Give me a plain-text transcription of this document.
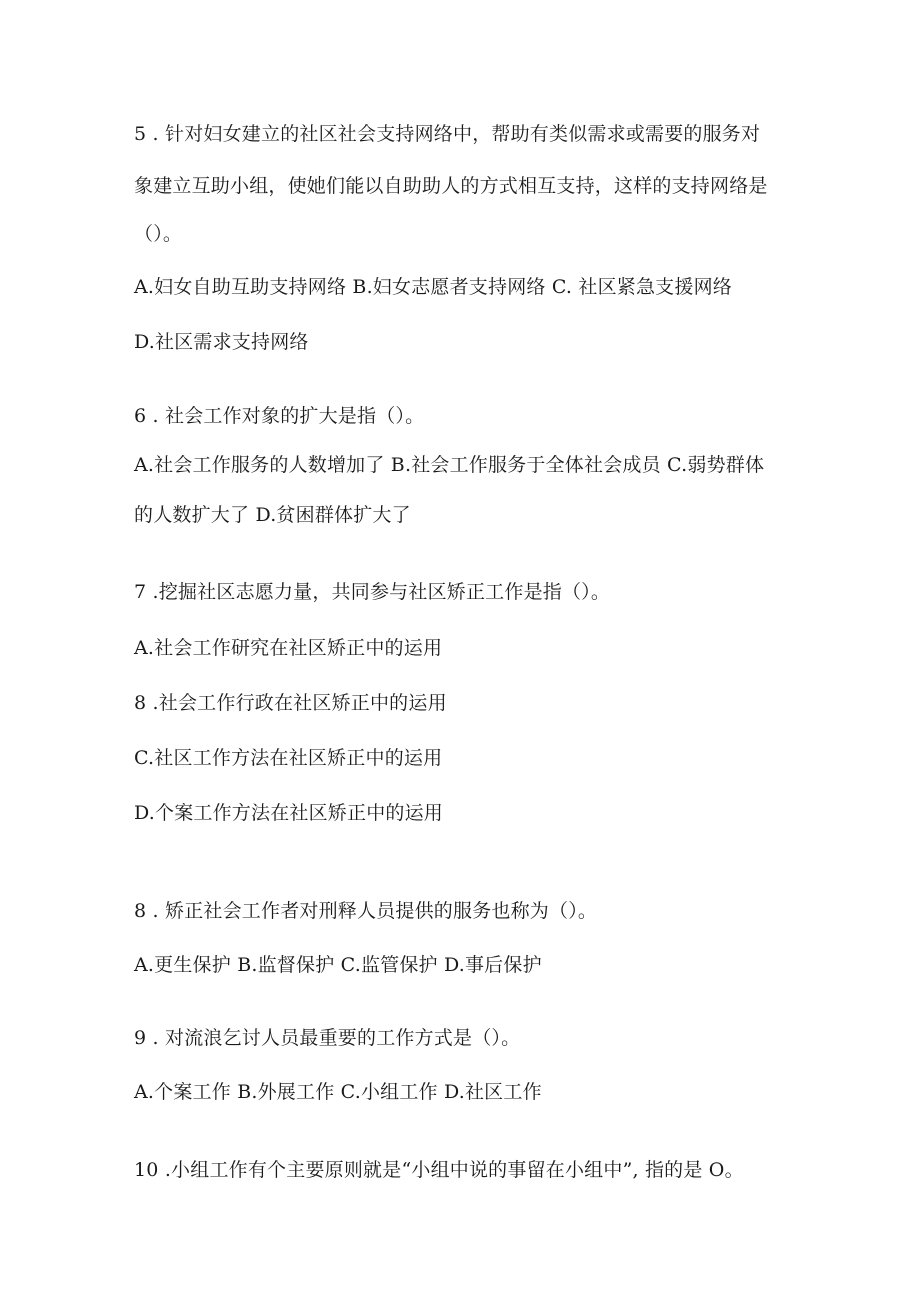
5 . 针对妇女建立的社区社会支持网络中，帮助有类似需求或需要的服务对
象建立互助小组，使她们能以自助助人的方式相互支持，这样的支持网络是
（）。
A.妇女自助互助支持网络 B.妇女志愿者支持网络 C. 社区紧急支援网络
D.社区需求支持网络
6 . 社会工作对象的扩大是指（）。
A.社会工作服务的人数增加了 B.社会工作服务于全体社会成员 C.弱势群体
的人数扩大了 D.贫困群体扩大了
7 .挖掘社区志愿力量，共同参与社区矫正工作是指（）。
A.社会工作研究在社区矫正中的运用
8 .社会工作行政在社区矫正中的运用
C.社区工作方法在社区矫正中的运用
D.个案工作方法在社区矫正中的运用
8 . 矫正社会工作者对刑释人员提供的服务也称为（）。
A.更生保护 B.监督保护 C.监管保护 D.事后保护
9 . 对流浪乞讨人员最重要的工作方式是（）。
A.个案工作 B.外展工作 C.小组工作 D.社区工作
10 .小组工作有个主要原则就是“小组中说的事留在小组中”, 指的是 O。
